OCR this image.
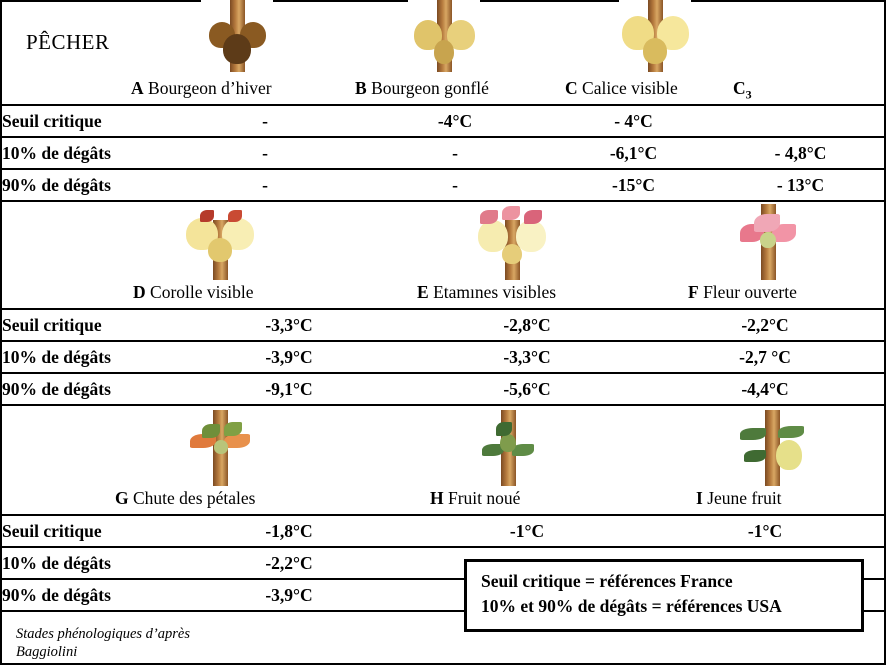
PÊCHER
A Bourgeon d’hiver	B Bourgeon gonflé	C Calice visible	$C_3$
Seuil critique	-	-4°C	- 4°C	
10% de dégâts	-	-	-6,1°C	- 4,8°C
90% de dégâts	-	-	-15°C	- 13°C
D Corolle visible	E Etamınes visibles	F Fleur ouverte
Seuil critique	-3,3°C	-2,8°C	-2,2°C
10% de dégâts	-3,9°C	-3,3°C	-2,7 °C
90% de dégâts	-9,1°C	-5,6°C	-4,4°C
G Chute des pétales	H Fruit noué	I Jeune fruit
Seuil critique	-1,8°C	-1°C	-1°C
10% de dégâts	-2,2°C		
90% de dégâts	-3,9°C		
Seuil critique = références France
10% et 90% de dégâts = références USA
Stades phénologiques d’après
Baggiolini
